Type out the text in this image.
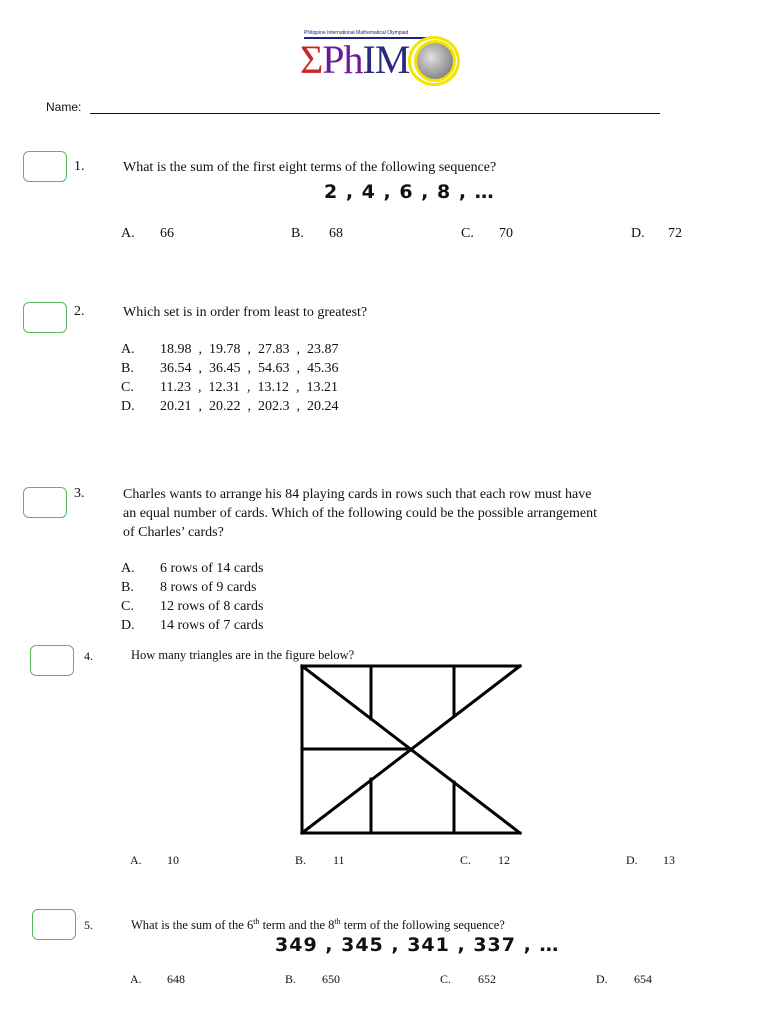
Philippine International Mathematical Olympiad
ΣPhIM
Name:
1.	What is the sum of the first eight terms of the following sequence?
2 , 4 , 6 , 8 , …
A. 66	B. 68	C. 70	D. 72
2.	Which set is in order from least to greatest?
A. 18.98  ,  19.78  ,  27.83  ,  23.87
B. 36.54  ,  36.45  ,  54.63  ,  45.36
C. 11.23  ,  12.31  ,  13.12  ,  13.21
D. 20.21  ,  20.22  ,  202.3  ,  20.24
3.	Charles wants to arrange his 84 playing cards in rows such that each row must have
an equal number of cards. Which of the following could be the possible arrangement
of Charles’ cards?
A. 6 rows of 14 cards
B. 8 rows of 9 cards
C. 12 rows of 8 cards
D. 14 rows of 7 cards
4.	How many triangles are in the figure below?
A. 10	B. 11	C. 12	D. 13
5.	What is the sum of the 6th term and the 8th term of the following sequence?
349 , 345 , 341 , 337 , …
A. 648	B. 650	C. 652	D. 654
